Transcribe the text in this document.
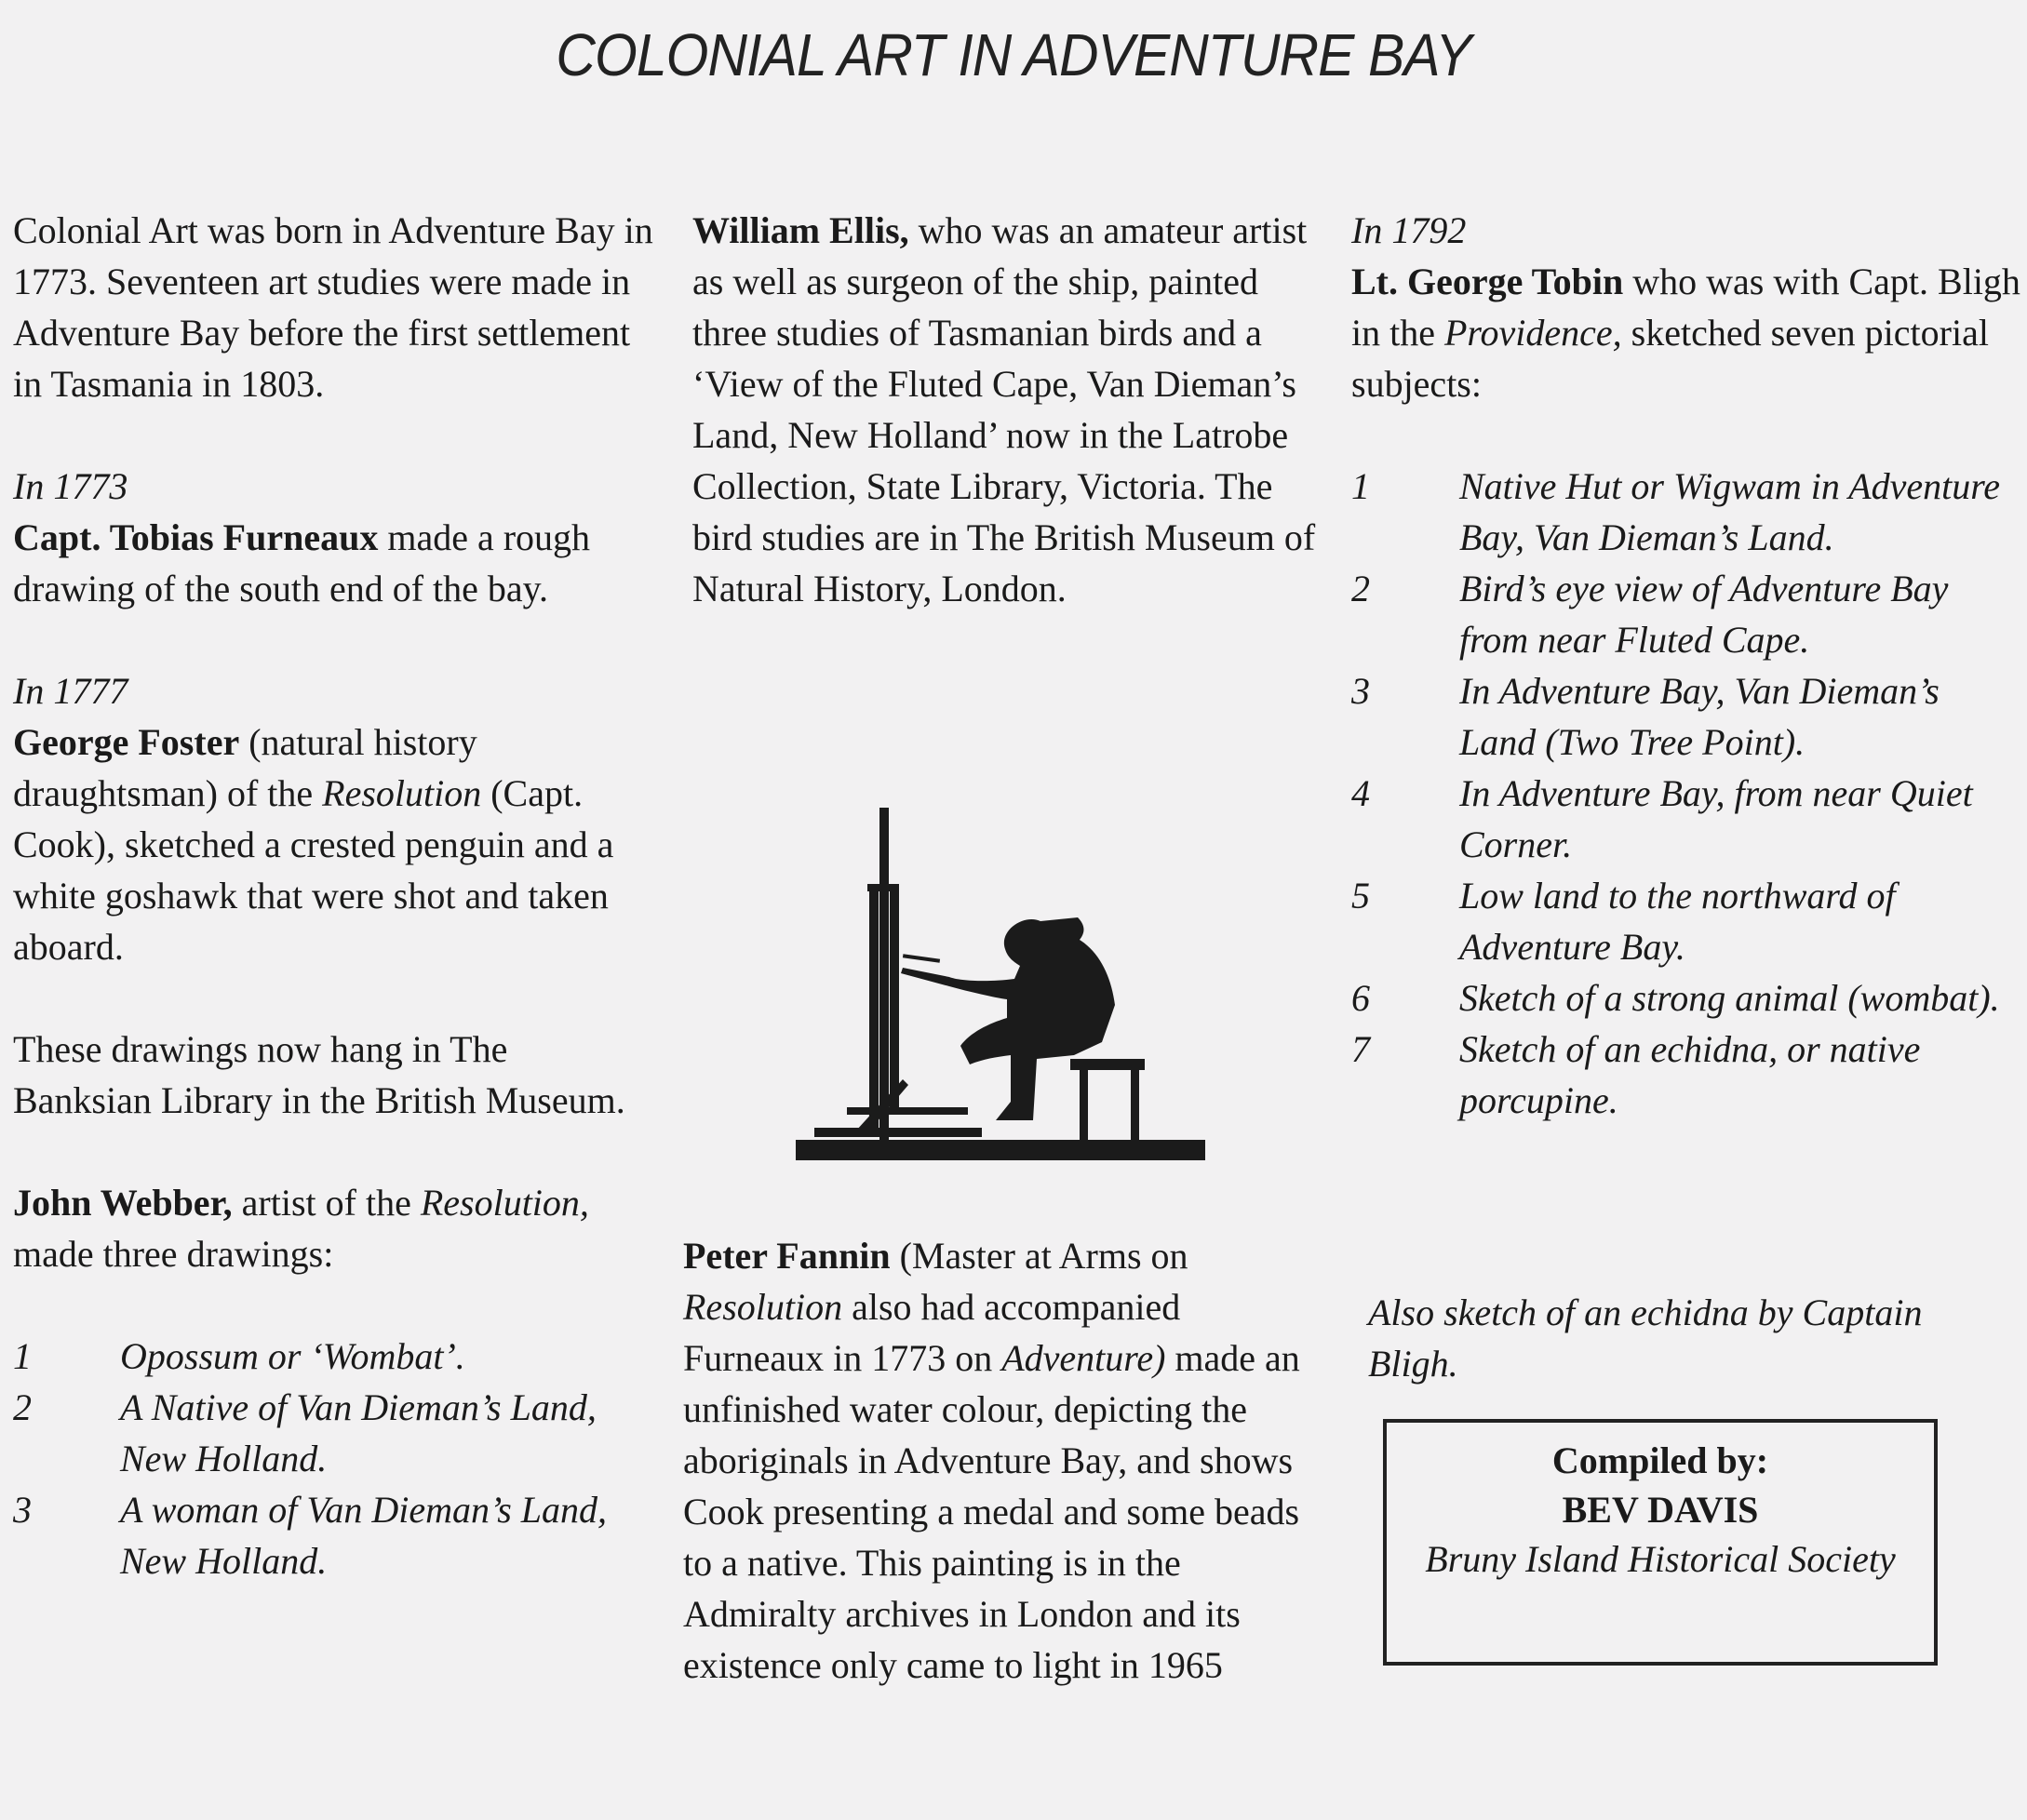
COLONIAL ART IN ADVENTURE BAY

Colonial Art was born in Adventure Bay in 1773. Seventeen art studies were made in Adventure Bay before the first settlement in Tasmania in 1803.

In 1773

Capt. Tobias Furneaux made a rough drawing of the south end of the bay.

In 1777

George Foster (natural history draughtsman) of the Resolution (Capt. Cook), sketched a crested penguin and a white goshawk that were shot and taken aboard.

These drawings now hang in The Banksian Library in the British Museum.

John Webber, artist of the Resolution, made three drawings:

1	Opossum or ‘Wombat’.
2	A Native of Van Dieman’s Land, New Holland.
3	A woman of Van Dieman’s Land, New Holland.

William Ellis, who was an amateur artist as well as surgeon of the ship, painted three studies of Tasmanian birds and a ‘View of the Fluted Cape, Van Dieman’s Land, New Holland’ now in the Latrobe Collection, State Library, Victoria. The bird studies are in The British Museum of Natural History, London.

Peter Fannin (Master at Arms on Resolution also had accompanied Furneaux in 1773 on Adventure) made an unfinished water colour, depicting the aboriginals in Adventure Bay, and shows Cook presenting a medal and some beads to a native. This painting is in the Admiralty archives in London and its existence only came to light in 1965

In 1792

Lt. George Tobin who was with Capt. Bligh in the Providence, sketched seven pictorial subjects:

1	Native Hut or Wigwam in Adventure Bay, Van Dieman’s Land.
2	Bird’s eye view of Adventure Bay from near Fluted Cape.
3	In Adventure Bay, Van Dieman’s Land (Two Tree Point).
4	In Adventure Bay, from near Quiet Corner.
5	Low land to the northward of Adventure Bay.
6	Sketch of a strong animal (wombat).
7	Sketch of an echidna, or native porcupine.

Also sketch of an echidna by Captain Bligh.

Compiled by:
BEV DAVIS
Bruny Island Historical Society
